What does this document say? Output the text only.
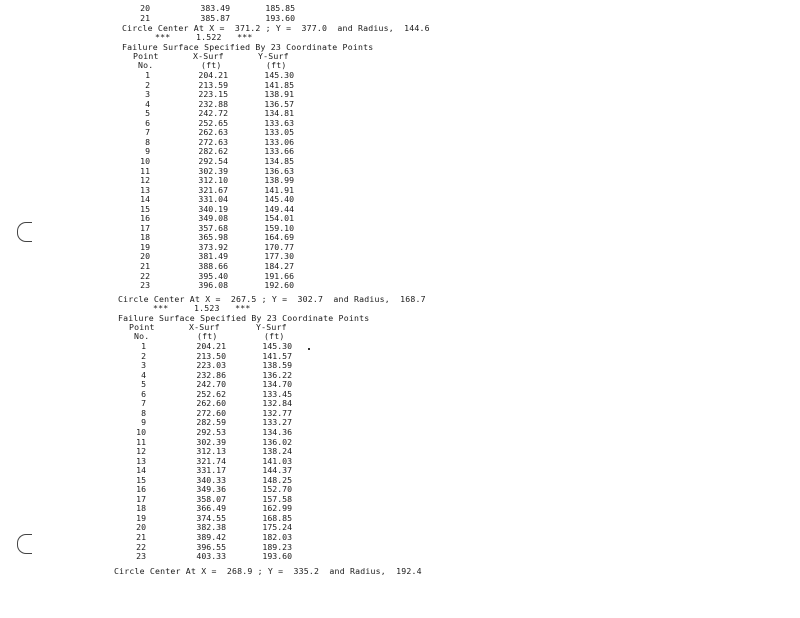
20	383.49	185.85
21	385.87	193.60
Circle Center At X =  371.2 ; Y =  377.0  and Radius,  144.6
***     1.522   ***
Failure Surface Specified By 23 Coordinate Points
Point	X-Surf	Y-Surf
No.	(ft)	(ft)
1	204.21	145.30
2	213.59	141.85
3	223.15	138.91
4	232.88	136.57
5	242.72	134.81
6	252.65	133.63
7	262.63	133.05
8	272.63	133.06
9	282.62	133.66
10	292.54	134.85
11	302.39	136.63
12	312.10	138.99
13	321.67	141.91
14	331.04	145.40
15	340.19	149.44
16	349.08	154.01
17	357.68	159.10
18	365.98	164.69
19	373.92	170.77
20	381.49	177.30
21	388.66	184.27
22	395.40	191.66
23	396.08	192.60
Circle Center At X =  267.5 ; Y =  302.7  and Radius,  168.7
***     1.523   ***
Failure Surface Specified By 23 Coordinate Points
Point	X-Surf	Y-Surf
No.	(ft)	(ft)
1	204.21	145.30
2	213.50	141.57
3	223.03	138.59
4	232.86	136.22
5	242.70	134.70
6	252.62	133.45
7	262.60	132.84
8	272.60	132.77
9	282.59	133.27
10	292.53	134.36
11	302.39	136.02
12	312.13	138.24
13	321.74	141.03
14	331.17	144.37
15	340.33	148.25
16	349.36	152.70
17	358.07	157.58
18	366.49	162.99
19	374.55	168.85
20	382.38	175.24
21	389.42	182.03
22	396.55	189.23
23	403.33	193.60
Circle Center At X =  268.9 ; Y =  335.2  and Radius,  192.4
